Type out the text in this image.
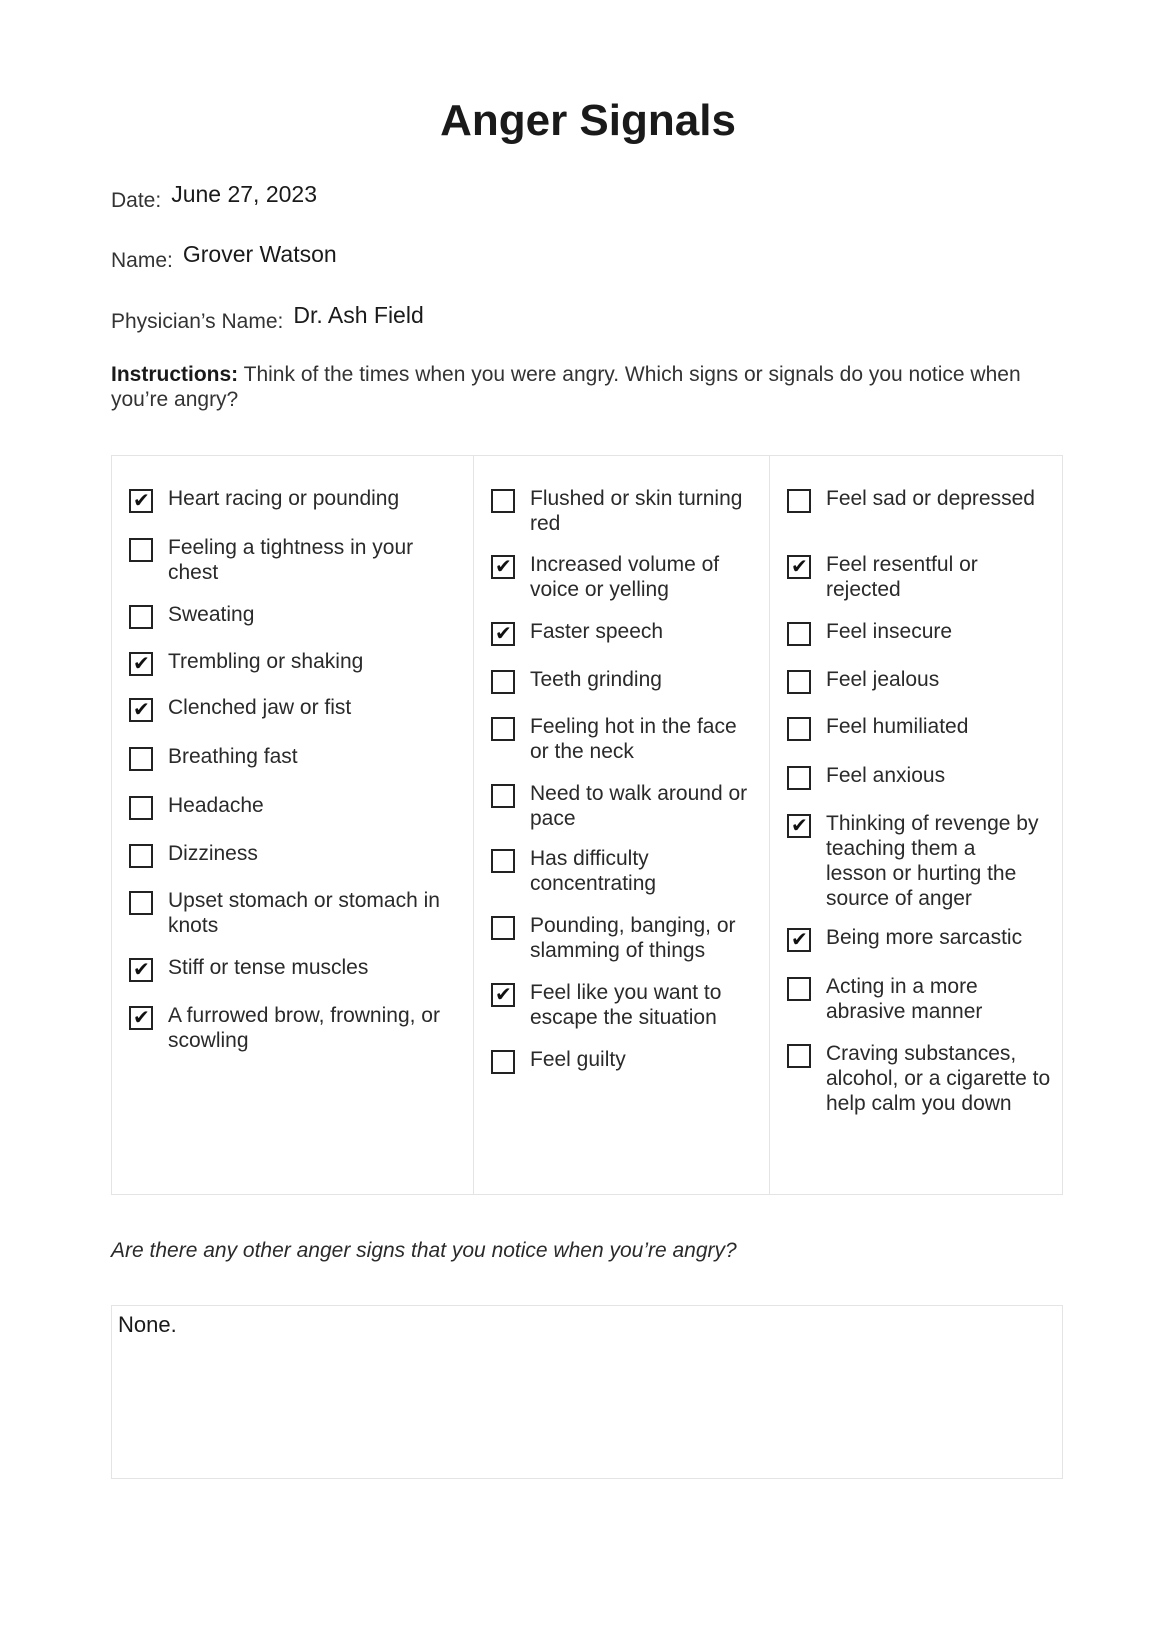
Anger Signals
Date: June 27, 2023
Name: Grover Watson
Physician’s Name: Dr. Ash Field
Instructions: Think of the times when you were angry. Which signs or signals do you notice when you’re angry?
✔
Heart racing or pounding
Feeling a tightness in your chest
Sweating
✔
Trembling or shaking
✔
Clenched jaw or fist
Breathing fast
Headache
Dizziness
Upset stomach or stomach in knots
✔
Stiff or tense muscles
✔
A furrowed brow, frowning, or scowling
Flushed or skin turning red
✔
Increased volume of voice or yelling
✔
Faster speech
Teeth grinding
Feeling hot in the face or the neck
Need to walk around or pace
Has difficulty concentrating
Pounding, banging, or slamming of things
✔
Feel like you want to escape the situation
Feel guilty
Feel sad or depressed
✔
Feel resentful or rejected
Feel insecure
Feel jealous
Feel humiliated
Feel anxious
✔
Thinking of revenge by teaching them a lesson or hurting the source of anger
✔
Being more sarcastic
Acting in a more abrasive manner
Craving substances, alcohol, or a cigarette to help calm you down
Are there any other anger signs that you notice when you’re angry?
None.
